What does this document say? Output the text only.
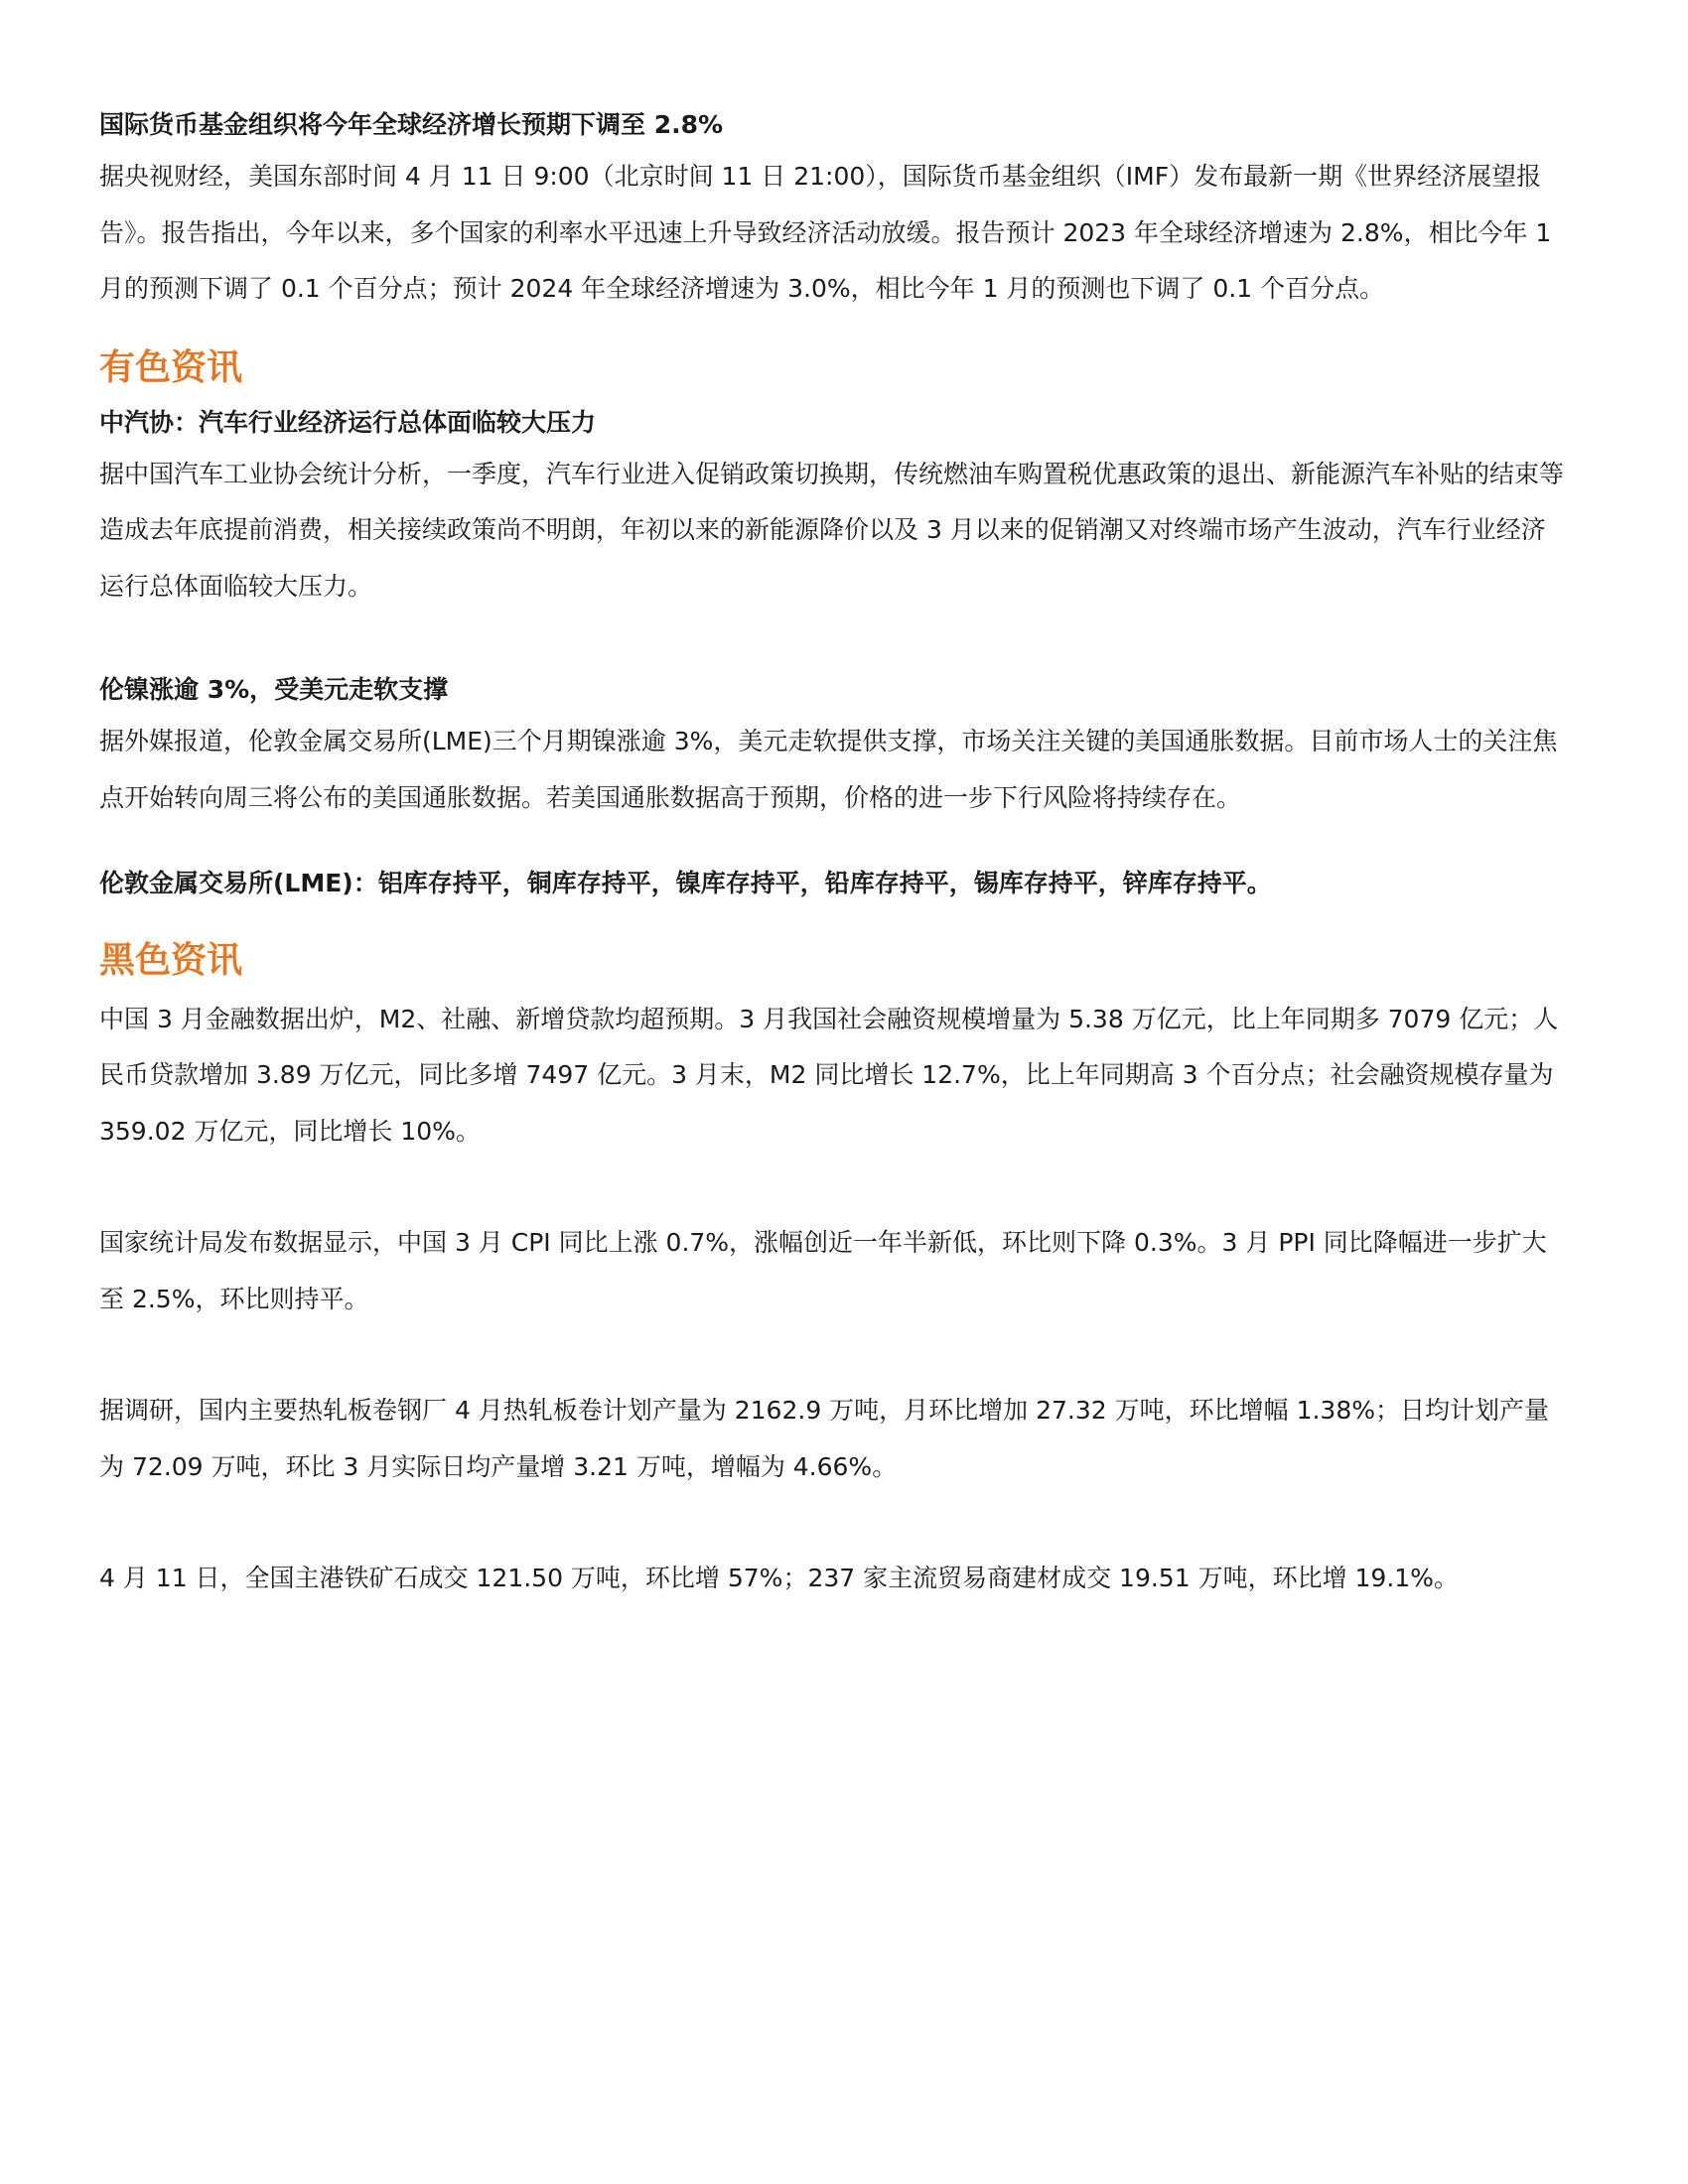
国际货币基金组织将今年全球经济增长预期下调至 2.8%

据央视财经，美国东部时间 4 月 11 日 9:00（北京时间 11 日 21:00），国际货币基金组织（IMF）发布最新一期《世界经济展望报告》。报告指出，今年以来，多个国家的利率水平迅速上升导致经济活动放缓。报告预计 2023 年全球经济增速为 2.8%，相比今年 1 月的预测下调了 0.1 个百分点；预计 2024 年全球经济增速为 3.0%，相比今年 1 月的预测也下调了 0.1 个百分点。

有色资讯

中汽协：汽车行业经济运行总体面临较大压力

据中国汽车工业协会统计分析，一季度，汽车行业进入促销政策切换期，传统燃油车购置税优惠政策的退出、新能源汽车补贴的结束等造成去年底提前消费，相关接续政策尚不明朗，年初以来的新能源降价以及 3 月以来的促销潮又对终端市场产生波动，汽车行业经济运行总体面临较大压力。

伦镍涨逾 3%，受美元走软支撑

据外媒报道，伦敦金属交易所(LME)三个月期镍涨逾 3%，美元走软提供支撑，市场关注关键的美国通胀数据。目前市场人士的关注焦点开始转向周三将公布的美国通胀数据。若美国通胀数据高于预期，价格的进一步下行风险将持续存在。

伦敦金属交易所(LME)：铝库存持平，铜库存持平，镍库存持平，铅库存持平，锡库存持平，锌库存持平。

黑色资讯

中国 3 月金融数据出炉，M2、社融、新增贷款均超预期。3 月我国社会融资规模增量为 5.38 万亿元，比上年同期多 7079 亿元；人民币贷款增加 3.89 万亿元，同比多增 7497 亿元。3 月末，M2 同比增长 12.7%，比上年同期高 3 个百分点；社会融资规模存量为 359.02 万亿元，同比增长 10%。

国家统计局发布数据显示，中国 3 月 CPI 同比上涨 0.7%，涨幅创近一年半新低，环比则下降 0.3%。3 月 PPI 同比降幅进一步扩大至 2.5%，环比则持平。

据调研，国内主要热轧板卷钢厂 4 月热轧板卷计划产量为 2162.9 万吨，月环比增加 27.32 万吨，环比增幅 1.38%；日均计划产量为 72.09 万吨，环比 3 月实际日均产量增 3.21 万吨，增幅为 4.66%。

4 月 11 日，全国主港铁矿石成交 121.50 万吨，环比增 57%；237 家主流贸易商建材成交 19.51 万吨，环比增 19.1%。
